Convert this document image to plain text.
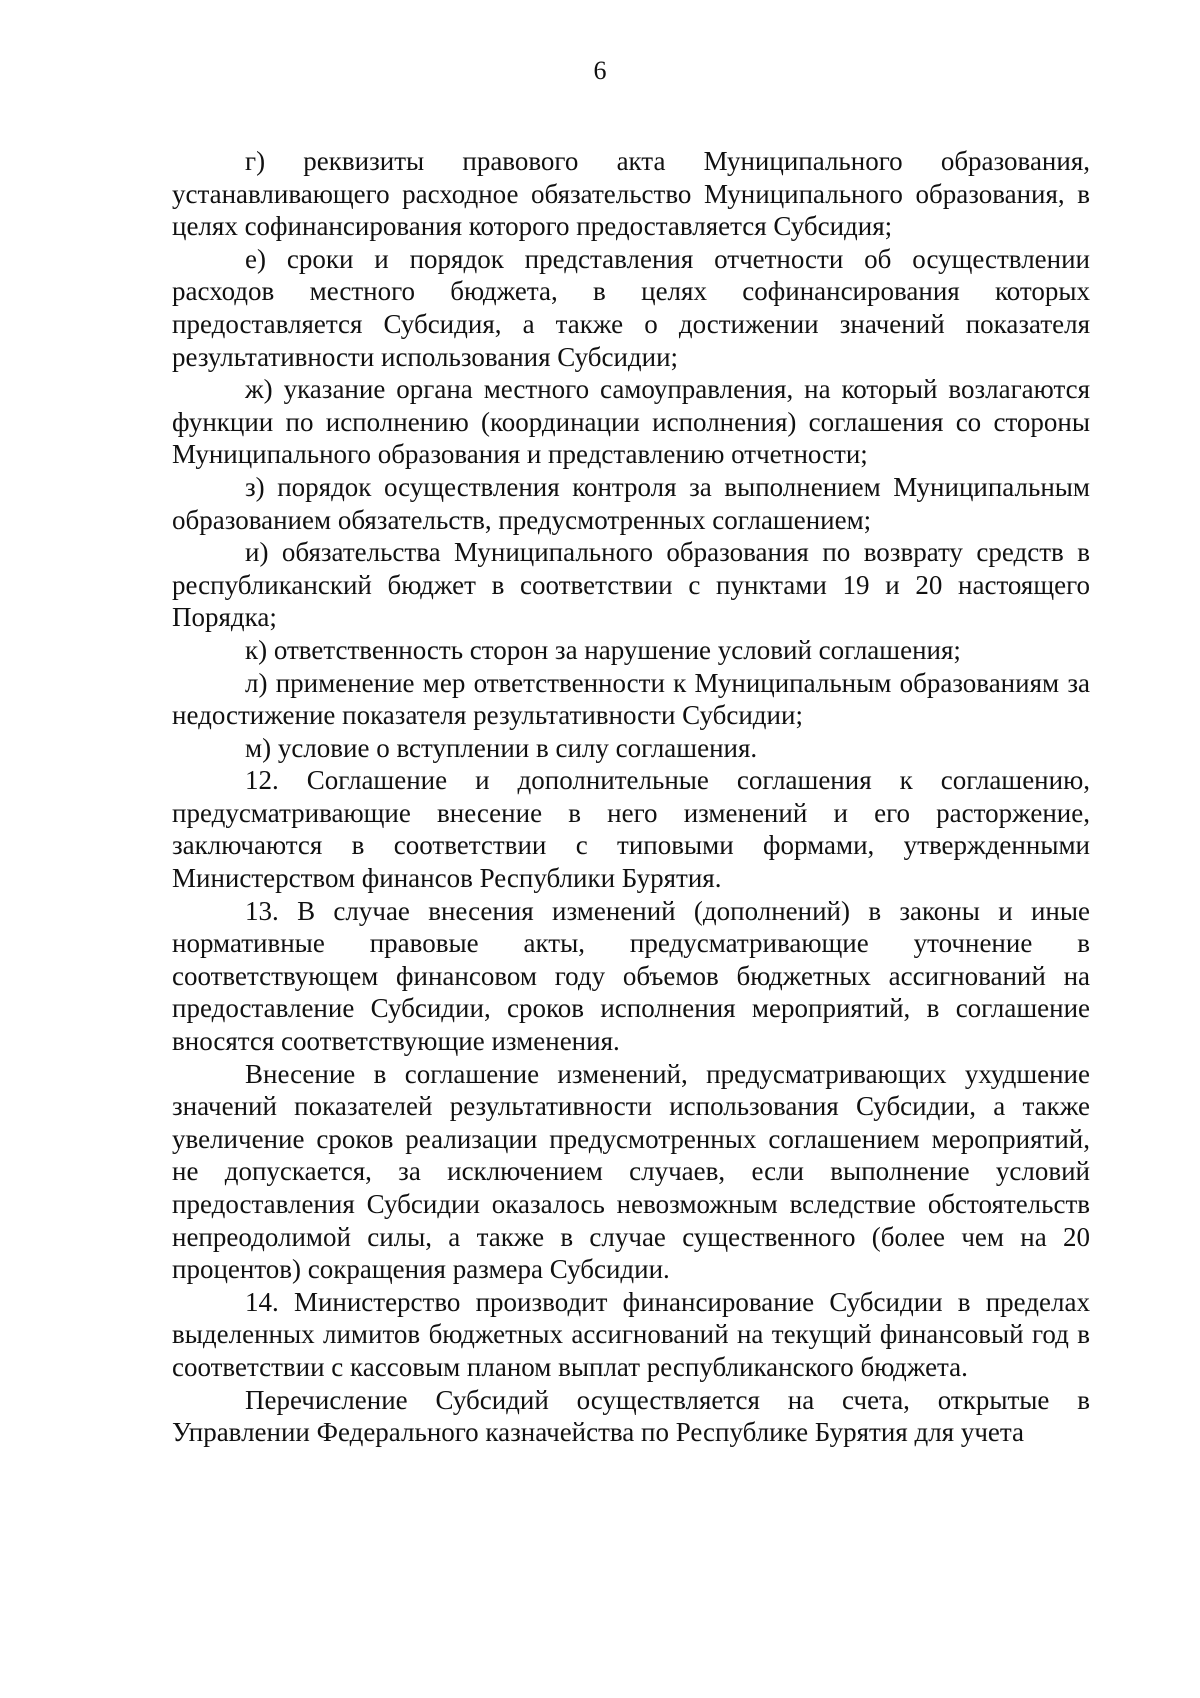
6

г) реквизиты правового акта Муниципального образования, устанавливающего расходное обязательство Муниципального образования, в целях софинансирования которого предоставляется Субсидия;

е) сроки и порядок представления отчетности об осуществлении расходов местного бюджета, в целях софинансирования которых предоставляется Субсидия, а также о достижении значений показателя результативности использования Субсидии;

ж) указание органа местного самоуправления, на который возлагаются функции по исполнению (координации исполнения) соглашения со стороны Муниципального образования и представлению отчетности;

з) порядок осуществления контроля за выполнением Муниципальным образованием обязательств, предусмотренных соглашением;

и) обязательства Муниципального образования по возврату средств в республиканский бюджет в соответствии с пунктами 19 и 20 настоящего Порядка;

к) ответственность сторон за нарушение условий соглашения;

л) применение мер ответственности к Муниципальным образованиям за недостижение показателя результативности Субсидии;

м) условие о вступлении в силу соглашения.

12. Соглашение и дополнительные соглашения к соглашению, предусматривающие внесение в него изменений и его расторжение, заключаются в соответствии с типовыми формами, утвержденными Министерством финансов Республики Бурятия.

13. В случае внесения изменений (дополнений) в законы и иные нормативные правовые акты, предусматривающие уточнение в соответствующем финансовом году объемов бюджетных ассигнований на предоставление Субсидии, сроков исполнения мероприятий, в соглашение вносятся соответствующие изменения.

Внесение в соглашение изменений, предусматривающих ухудшение значений показателей результативности использования Субсидии, а также увеличение сроков реализации предусмотренных соглашением мероприятий, не допускается, за исключением случаев, если выполнение условий предоставления Субсидии оказалось невозможным вследствие обстоятельств непреодолимой силы, а также в случае существенного (более чем на 20 процентов) сокращения размера Субсидии.

14. Министерство производит финансирование Субсидии в пределах выделенных лимитов бюджетных ассигнований на текущий финансовый год в соответствии с кассовым планом выплат республиканского бюджета.

Перечисление Субсидий осуществляется на счета, открытые в Управлении Федерального казначейства по Республике Бурятия для учета
